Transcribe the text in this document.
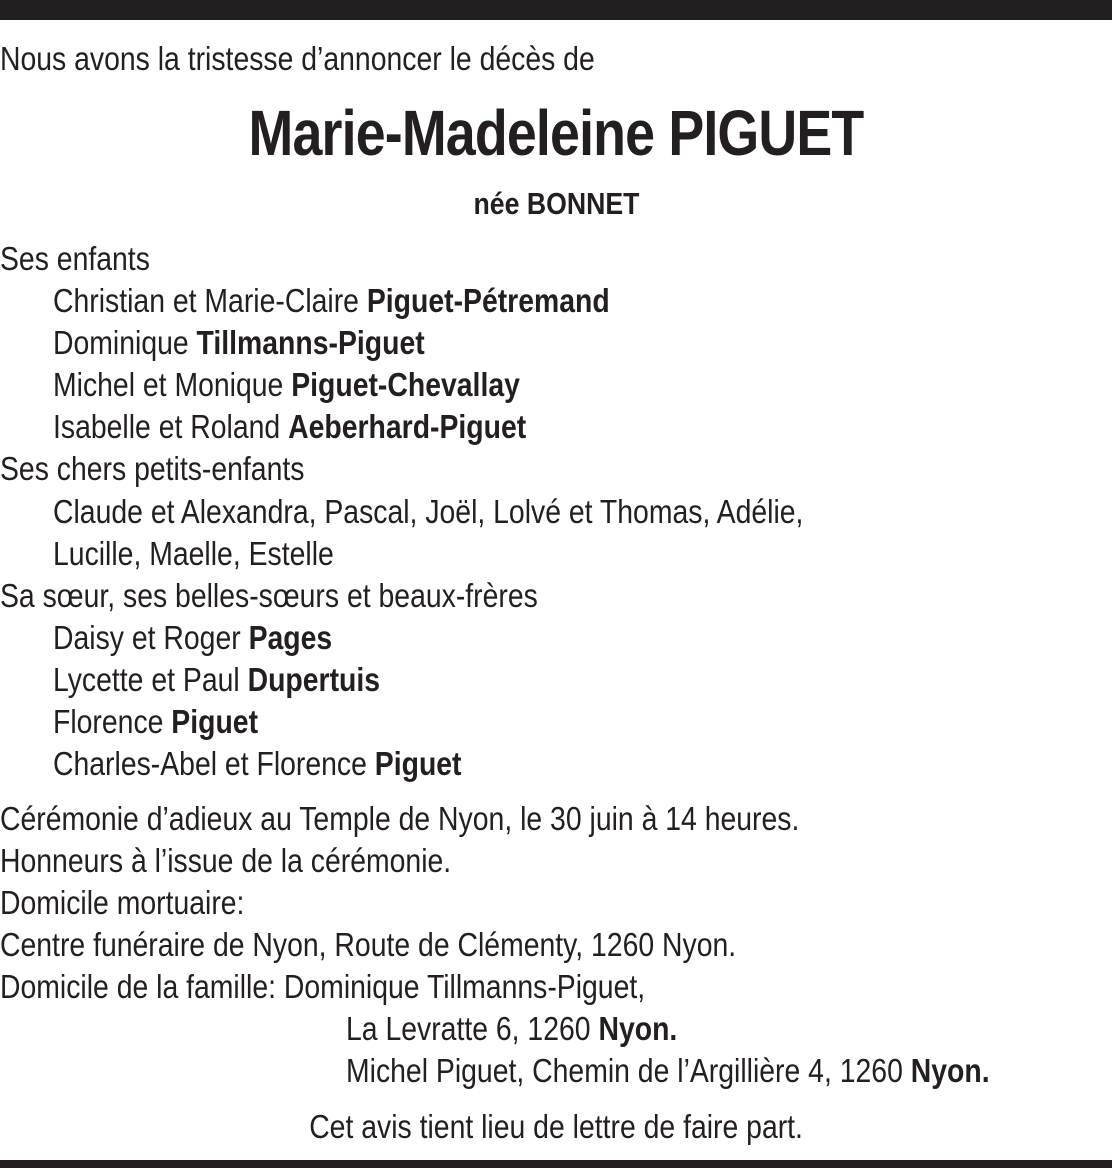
Nous avons la tristesse d’annoncer le décès de
Marie-Madeleine PIGUET
née BONNET
Ses enfants
Christian et Marie-Claire Piguet-Pétremand
Dominique Tillmanns-Piguet
Michel et Monique Piguet-Chevallay
Isabelle et Roland Aeberhard-Piguet
Ses chers petits-enfants
Claude et Alexandra, Pascal, Joël, Lolvé et Thomas, Adélie,
Lucille, Maelle, Estelle
Sa sœur, ses belles-sœurs et beaux-frères
Daisy et Roger Pages
Lycette et Paul Dupertuis
Florence Piguet
Charles-Abel et Florence Piguet
Cérémonie d’adieux au Temple de Nyon, le 30 juin à 14 heures.
Honneurs à l’issue de la cérémonie.
Domicile mortuaire:
Centre funéraire de Nyon, Route de Clémenty, 1260 Nyon.
Domicile de la famille: Dominique Tillmanns-Piguet,
La Levratte 6, 1260 Nyon.
Michel Piguet, Chemin de l’Argillière 4, 1260 Nyon.
Cet avis tient lieu de lettre de faire part.
